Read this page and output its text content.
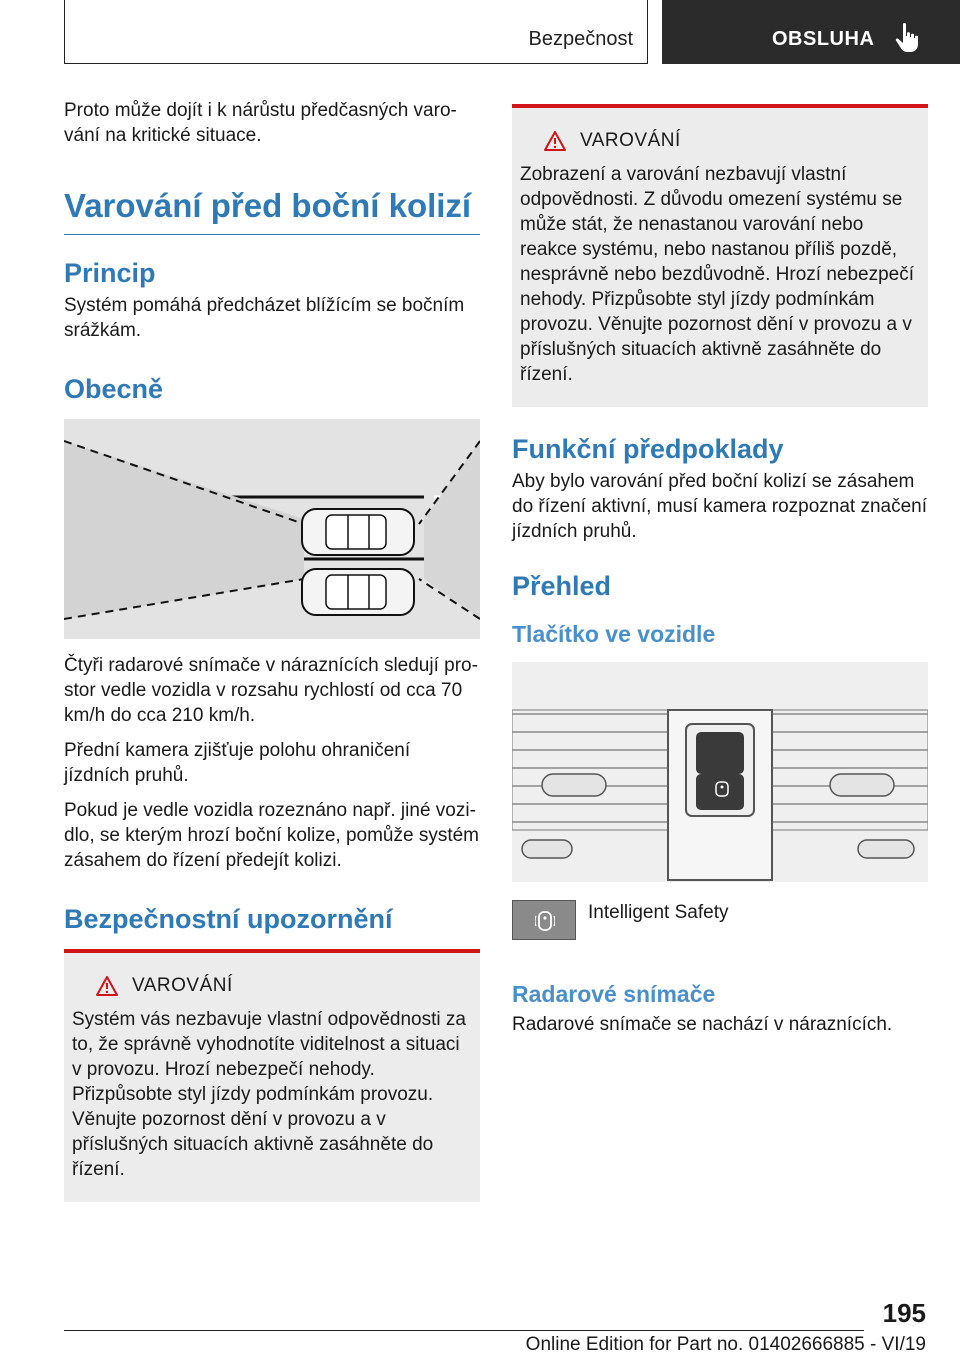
Bezpečnost	OBSLUHA

Proto může dojít i k nárůstu předčasných varování na kritické situace.

Varování před boční kolizí
Princip

Systém pomáhá předcházet blížícím se bočním srážkám.

Obecně

Čtyři radarové snímače v náraznících sledují prostor vedle vozidla v rozsahu rychlostí od cca 70 km/h do cca 210 km/h.

Přední kamera zjišťuje polohu ohraničení jízdních pruhů.

Pokud je vedle vozidla rozeznáno např. jiné vozidlo, se kterým hrozí boční kolize, pomůže systém zásahem do řízení předejít kolizi.

Bezpečnostní upozornění
VAROVÁNÍ

Systém vás nezbavuje vlastní odpovědnosti za to, že správně vyhodnotíte viditelnost a situaci v provozu. Hrozí nebezpečí nehody. Přizpůsobte styl jízdy podmínkám provozu. Věnujte pozornost dění v provozu a v příslušných situacích aktivně zasáhněte do řízení.

VAROVÁNÍ

Zobrazení a varování nezbavují vlastní odpovědnosti. Z důvodu omezení systému se může stát, že nenastanou varování nebo reakce systému, nebo nastanou příliš pozdě, nesprávně nebo bezdůvodně. Hrozí nebezpečí nehody. Přizpůsobte styl jízdy podmínkám provozu. Věnujte pozornost dění v provozu a v příslušných situacích aktivně zasáhněte do řízení.

Funkční předpoklady

Aby bylo varování před boční kolizí se zásahem do řízení aktivní, musí kamera rozpoznat značení jízdních pruhů.

Přehled
Tlačítko ve vozidle
Intelligent Safety
Radarové snímače

Radarové snímače se nachází v náraznících.

195
Online Edition for Part no. 01402666885 - VI/19
